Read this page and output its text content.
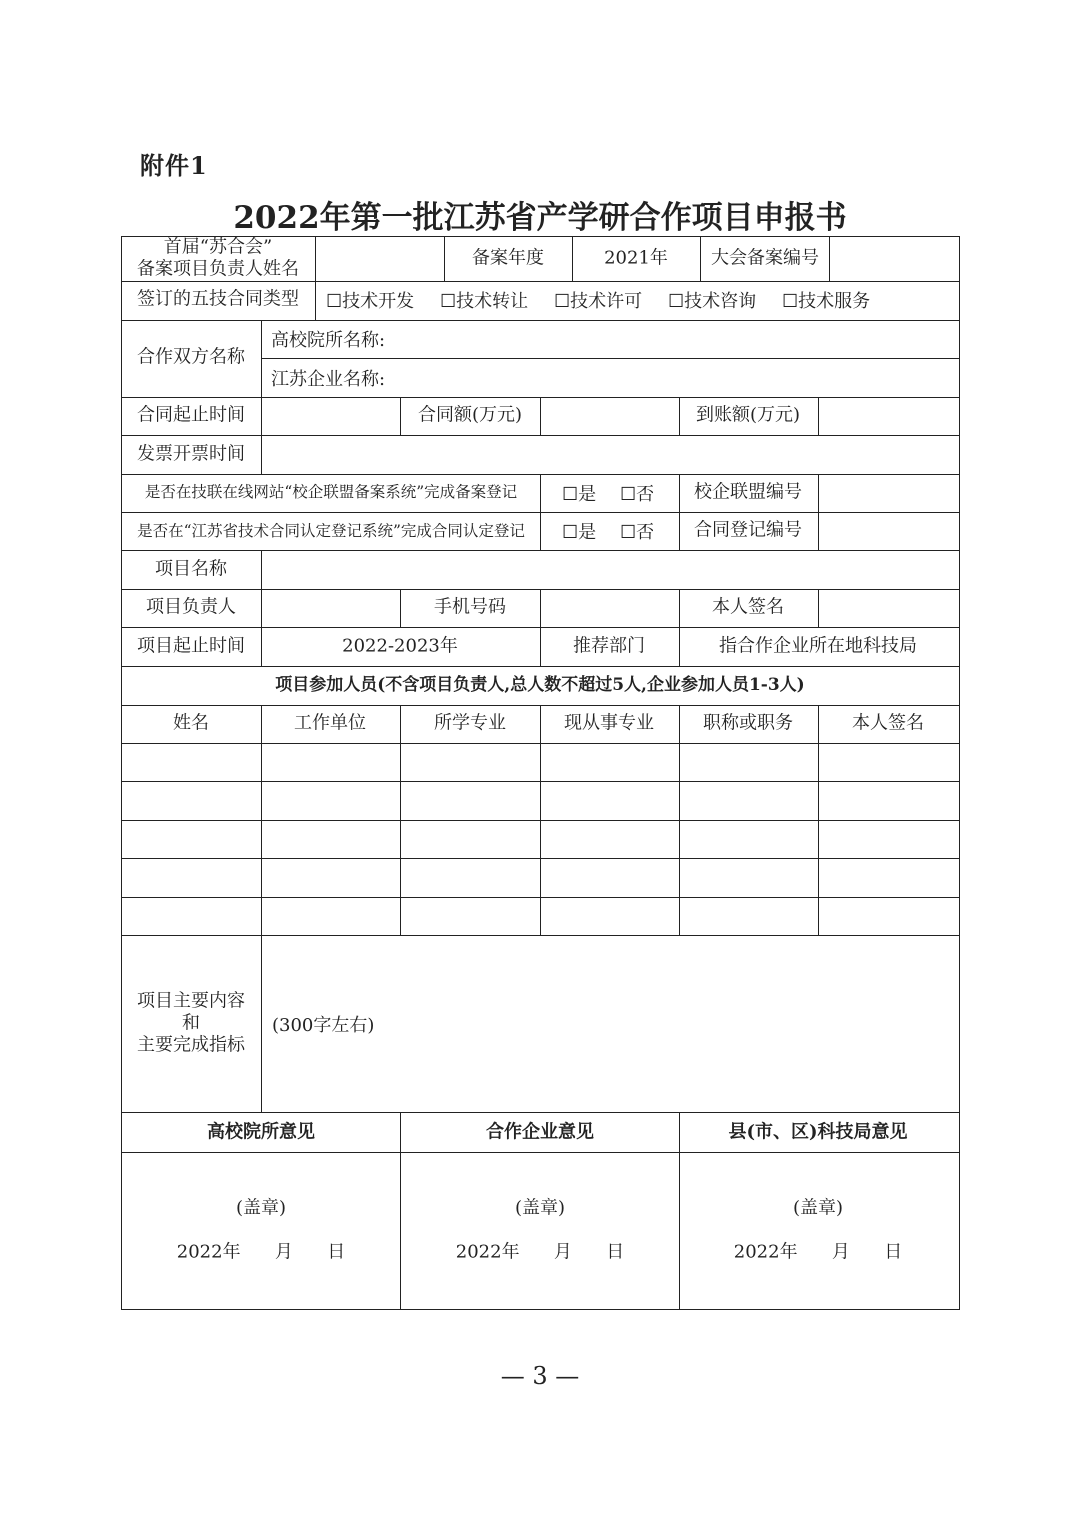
附件1
2022年第一批江苏省产学研合作项目申报书
首届“苏合会”
备案项目负责人姓名
备案年度	2021年 大会备案编号
签订的五技合同类型 ☐技术开发 ☐技术转让 ☐技术许可 ☐技术咨询 ☐技术服务
合作双方名称
高校院所名称:
江苏企业名称:
合同起止时间	合同额(万元)	到账额(万元)
发票开票时间
是否在技联在线网站“校企联盟备案系统”完成备案登记 ☐是 ☐否 校企联盟编号
是否在“江苏省技术合同认定登记系统”完成合同认定登记 ☐是 ☐否 合同登记编号
项目名称
项目负责人	手机号码	本人签名
项目起止时间	2022-2023年	推荐部门	指合作企业所在地科技局
项目参加人员(不含项目负责人,总人数不超过5人,企业参加人员1-3人)
姓名	工作单位	所学专业	现从事专业	职称或职务	本人签名
项目主要内容
和
主要完成指标
(300字左右)
高校院所意见	合作企业意见	县(市、区)科技局意见
(盖章)	(盖章)	(盖章)
2022年      月      日	2022年      月      日	2022年      月      日
— 3 —
